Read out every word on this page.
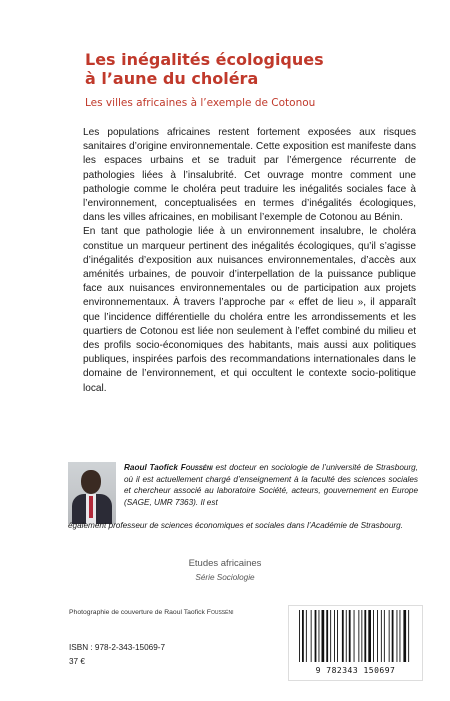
Les inégalités écologiques
à l’aune du choléra
Les villes africaines à l’exemple de Cotonou

Les populations africaines restent fortement exposées aux risques sanitaires d’origine environnementale. Cette exposition est manifeste dans les espaces urbains et se traduit par l’émergence récurrente de pathologies liées à l’insalubrité. Cet ouvrage montre comment une pathologie comme le choléra peut traduire les inégalités sociales face à l’environnement, conceptualisées en termes d’inégalités écologiques, dans les villes africaines, en mobilisant l’exemple de Cotonou au Bénin.

En tant que pathologie liée à un environnement insalubre, le choléra constitue un marqueur pertinent des inégalités écologiques, qu’il s’agisse d’inégalités d’exposition aux nuisances environnementales, d’accès aux aménités urbaines, de pouvoir d’interpellation de la puissance publique face aux nuisances environnementales ou de participation aux projets environnementaux. À travers l’approche par « effet de lieu », il apparaît que l’incidence différentielle du choléra entre les arrondissements et les quartiers de Cotonou est liée non seulement à l’effet combiné du milieu et des profils socio-économiques des habitants, mais aussi aux politiques publiques, inspirées parfois des recommandations internationales dans le domaine de l’environnement, et qui occultent le contexte socio-politique local.

Raoul Taofick Fousséni est docteur en sociologie de l’université de Strasbourg, où il est actuellement chargé d’enseignement à la faculté des sciences sociales et chercheur associé au laboratoire Société, acteurs, gouvernement en Europe (SAGE, UMR 7363). Il est

également professeur de sciences économiques et sociales dans l’Académie de Strasbourg.

Etudes africaines
Série Sociologie
Photographie de couverture de Raoul Taofick Fousséni
ISBN : 978-2-343-15069-7
37 €
9 782343 150697
